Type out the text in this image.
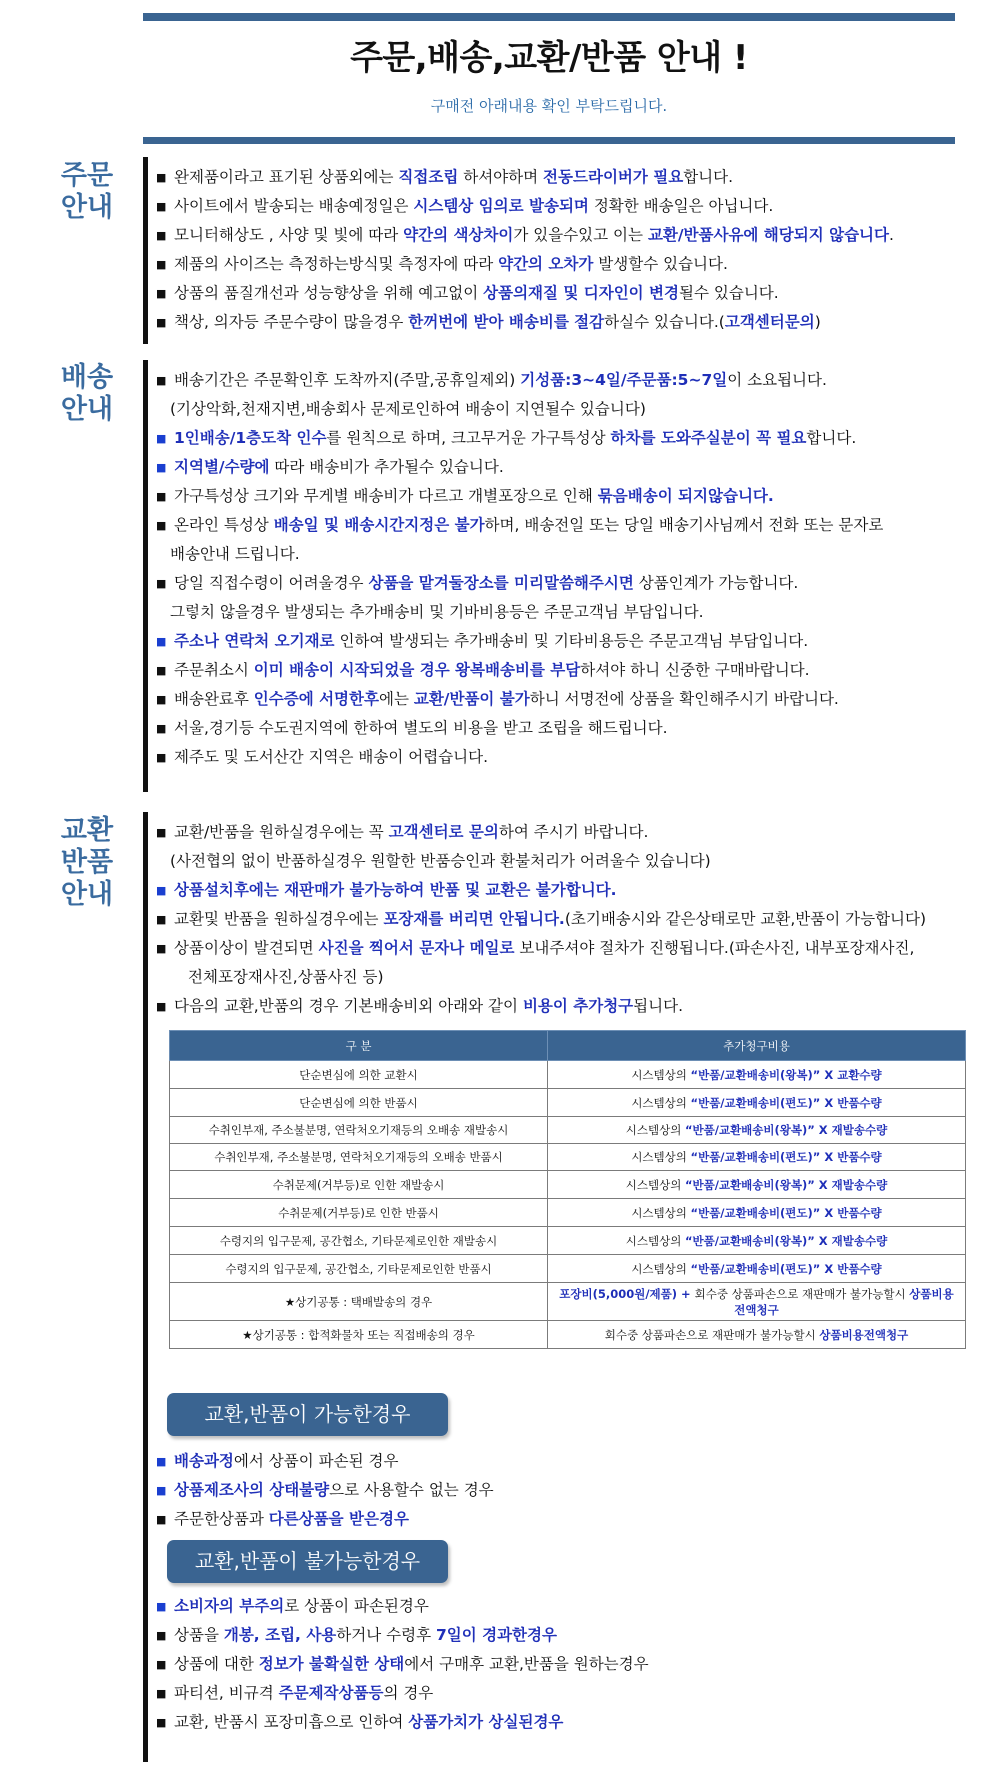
주문,배송,교환/반품 안내 !
구매전 아래내용 확인 부탁드립니다.
주문
안내
■ 완제품이라고 표기된 상품외에는 직접조립 하셔야하며 전동드라이버가 필요합니다.
■ 사이트에서 발송되는 배송예정일은 시스템상 임의로 발송되며 정확한 배송일은 아닙니다.
■ 모니터해상도 , 사양 및 빛에 따라 약간의 색상차이가 있을수있고 이는 교환/반품사유에 해당되지 않습니다.
■ 제품의 사이즈는 측정하는방식및 측정자에 따라 약간의 오차가 발생할수 있습니다.
■ 상품의 품질개선과 성능향상을 위해 예고없이 상품의재질 및 디자인이 변경될수 있습니다.
■ 책상, 의자등 주문수량이 많을경우 한꺼번에 받아 배송비를 절감하실수 있습니다.(고객센터문의)
배송
안내
■ 배송기간은 주문확인후 도착까지(주말,공휴일제외) 기성품:3~4일/주문품:5~7일이 소요됩니다.
(기상악화,천재지변,배송회사 문제로인하여 배송이 지연될수 있습니다)
■ 1인배송/1층도착 인수를 원칙으로 하며, 크고무거운 가구특성상 하차를 도와주실분이 꼭 필요합니다.
■ 지역별/수량에 따라 배송비가 추가될수 있습니다.
■ 가구특성상 크기와 무게별 배송비가 다르고 개별포장으로 인해 묶음배송이 되지않습니다.
■ 온라인 특성상 배송일 및 배송시간지정은 불가하며, 배송전일 또는 당일 배송기사님께서 전화 또는 문자로
배송안내 드립니다.
■ 당일 직접수령이 어려울경우 상품을 맡겨둘장소를 미리말씀해주시면 상품인계가 가능합니다.
그렇치 않을경우 발생되는 추가배송비 및 기바비용등은 주문고객님 부담입니다.
■ 주소나 연락처 오기재로 인하여 발생되는 추가배송비 및 기타비용등은 주문고객님 부담입니다.
■ 주문취소시 이미 배송이 시작되었을 경우 왕복배송비를 부담하셔야 하니 신중한 구매바랍니다.
■ 배송완료후 인수증에 서명한후에는 교환/반품이 불가하니 서명전에 상품을 확인해주시기 바랍니다.
■ 서울,경기등 수도권지역에 한하여 별도의 비용을 받고 조립을 해드립니다.
■ 제주도 및 도서산간 지역은 배송이 어렵습니다.
교환
반품
안내
■ 교환/반품을 원하실경우에는 꼭 고객센터로 문의하여 주시기 바랍니다.
(사전협의 없이 반품하실경우 원할한 반품승인과 환불처리가 어려울수 있습니다)
■ 상품설치후에는 재판매가 불가능하여 반품 및 교환은 불가합니다.
■ 교환및 반품을 원하실경우에는 포장재를 버리면 안됩니다.(초기배송시와 같은상태로만 교환,반품이 가능합니다)
■ 상품이상이 발견되면 사진을 찍어서 문자나 메일로 보내주셔야 절차가 진행됩니다.(파손사진, 내부포장재사진,
전체포장재사진,상품사진 등)
■ 다음의 교환,반품의 경우 기본배송비외 아래와 같이 비용이 추가청구됩니다.
구 분	추가청구비용
단순변심에 의한 교환시	시스템상의 “반품/교환배송비(왕복)” X 교환수량
단순변심에 의한 반품시	시스템상의 “반품/교환배송비(편도)” X 반품수량
수취인부재, 주소불분명, 연락처오기재등의 오배송 재발송시	시스템상의 “반품/교환배송비(왕복)” X 재발송수량
수취인부재, 주소불분명, 연락처오기재등의 오배송 반품시	시스템상의 “반품/교환배송비(편도)” X 반품수량
수취문제(거부등)로 인한 재발송시	시스템상의 “반품/교환배송비(왕복)” X 재발송수량
수취문제(거부등)로 인한 반품시	시스템상의 “반품/교환배송비(편도)” X 반품수량
수령지의 입구문제, 공간협소, 기타문제로인한 재발송시	시스템상의 “반품/교환배송비(왕복)” X 재발송수량
수령지의 입구문제, 공간협소, 기타문제로인한 반품시	시스템상의 “반품/교환배송비(편도)” X 반품수량
★상기공통 : 택배발송의 경우	포장비(5,000원/제품) + 회수중 상품파손으로 재판매가 불가능할시 상품비용전액청구
★상기공통 : 합적화물차 또는 직접배송의 경우	회수중 상품파손으로 재판매가 불가능할시 상품비용전액청구
교환,반품이 가능한경우
■ 배송과정에서 상품이 파손된 경우
■ 상품제조사의 상태불량으로 사용할수 없는 경우
■ 주문한상품과 다른상품을 받은경우
교환,반품이 불가능한경우
■ 소비자의 부주의로 상품이 파손된경우
■ 상품을 개봉, 조립, 사용하거나 수령후 7일이 경과한경우
■ 상품에 대한 정보가 불확실한 상태에서 구매후 교환,반품을 원하는경우
■ 파티션, 비규격 주문제작상품등의 경우
■ 교환, 반품시 포장미흡으로 인하여 상품가치가 상실된경우
